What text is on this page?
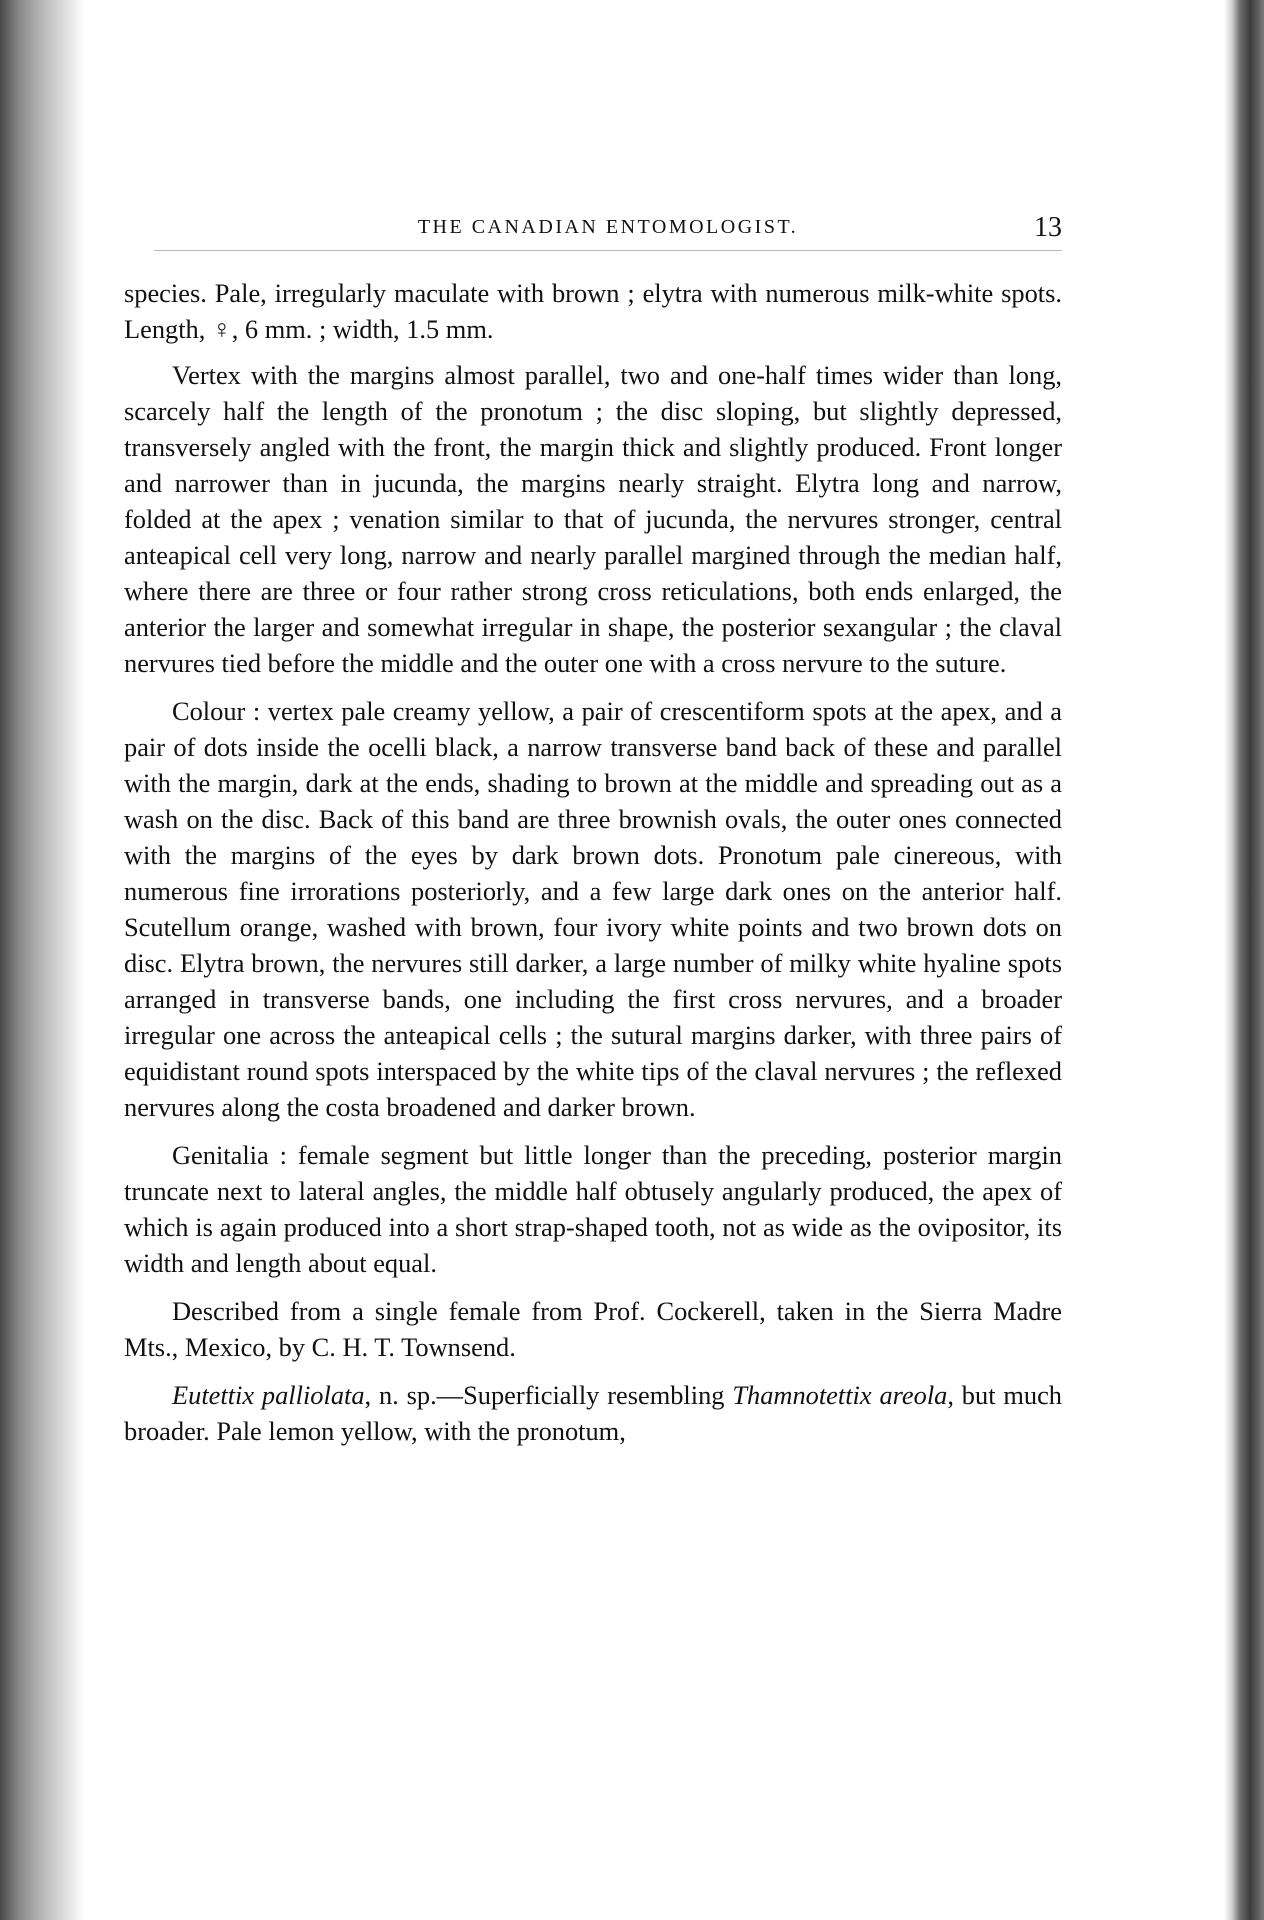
THE CANADIAN ENTOMOLOGIST.	13

species. Pale, irregularly maculate with brown ; elytra with numerous milk-white spots. Length, ♀, 6 mm. ; width, 1.5 mm.

Vertex with the margins almost parallel, two and one-half times wider than long, scarcely half the length of the pronotum ; the disc sloping, but slightly depressed, transversely angled with the front, the margin thick and slightly produced. Front longer and narrower than in jucunda, the margins nearly straight. Elytra long and narrow, folded at the apex ; venation similar to that of jucunda, the nervures stronger, central anteapical cell very long, narrow and nearly parallel margined through the median half, where there are three or four rather strong cross reticulations, both ends enlarged, the anterior the larger and somewhat irregular in shape, the posterior sexangular ; the claval nervures tied before the middle and the outer one with a cross nervure to the suture.

Colour : vertex pale creamy yellow, a pair of crescentiform spots at the apex, and a pair of dots inside the ocelli black, a narrow transverse band back of these and parallel with the margin, dark at the ends, shading to brown at the middle and spreading out as a wash on the disc. Back of this band are three brownish ovals, the outer ones connected with the margins of the eyes by dark brown dots. Pronotum pale cinereous, with numerous fine irrorations posteriorly, and a few large dark ones on the anterior half. Scutellum orange, washed with brown, four ivory white points and two brown dots on disc. Elytra brown, the nervures still darker, a large number of milky white hyaline spots arranged in transverse bands, one including the first cross nervures, and a broader irregular one across the anteapical cells ; the sutural margins darker, with three pairs of equidistant round spots interspaced by the white tips of the claval nervures ; the reflexed nervures along the costa broadened and darker brown.

Genitalia : female segment but little longer than the preceding, posterior margin truncate next to lateral angles, the middle half obtusely angularly produced, the apex of which is again produced into a short strap-shaped tooth, not as wide as the ovipositor, its width and length about equal.

Described from a single female from Prof. Cockerell, taken in the Sierra Madre Mts., Mexico, by C. H. T. Townsend.

Eutettix palliolata, n. sp.—Superficially resembling Thamnotettix areola, but much broader. Pale lemon yellow, with the pronotum,
